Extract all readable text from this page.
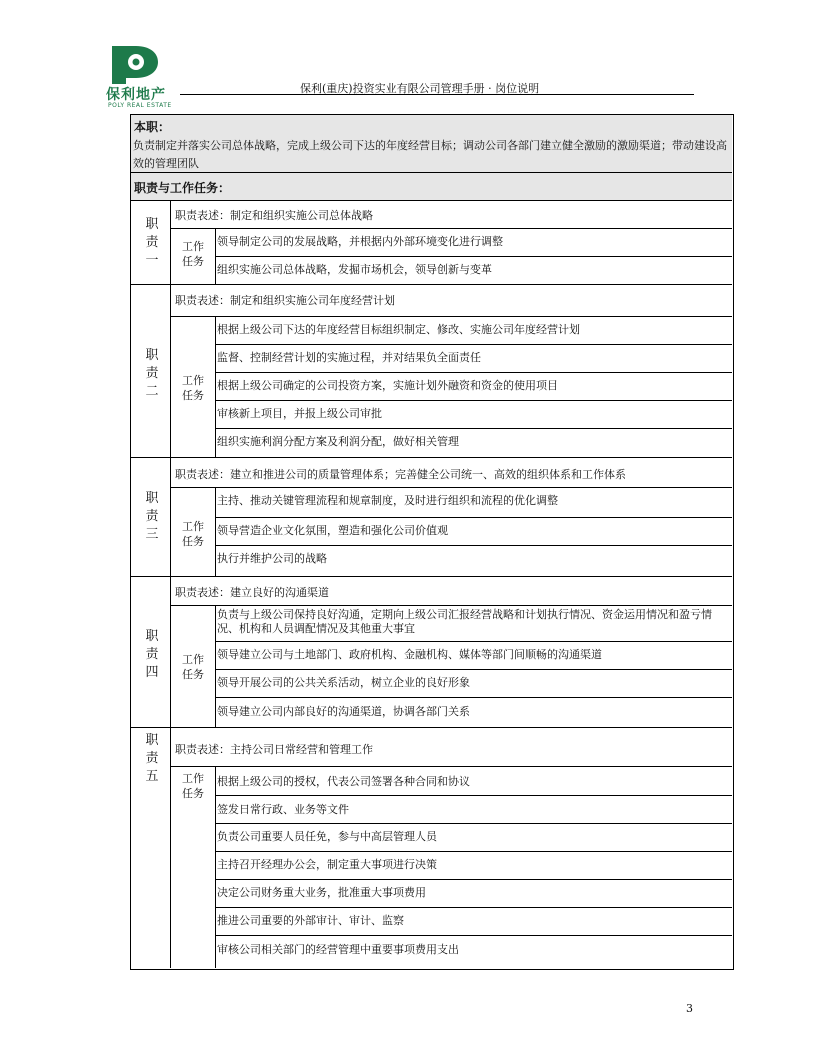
保利地产
POLY REAL ESTATE
保利(重庆)投资实业有限公司管理手册 · 岗位说明
本职：
负责制定并落实公司总体战略，完成上级公司下达的年度经营目标；调动公司各部门建立健全激励的激励渠道；带动建设高效的管理团队
职责与工作任务：
职
责
一
职责表述：制定和组织实施公司总体战略
工作
任务
领导制定公司的发展战略，并根据内外部环境变化进行调整
组织实施公司总体战略，发掘市场机会，领导创新与变革
职
责
二
职责表述：制定和组织实施公司年度经营计划
工作
任务
根据上级公司下达的年度经营目标组织制定、修改、实施公司年度经营计划
监督、控制经营计划的实施过程，并对结果负全面责任
根据上级公司确定的公司投资方案，实施计划外融资和资金的使用项目
审核新上项目，并报上级公司审批
组织实施利润分配方案及利润分配，做好相关管理
职
责
三
职责表述：建立和推进公司的质量管理体系；完善健全公司统一、高效的组织体系和工作体系
工作
任务
主持、推动关键管理流程和规章制度，及时进行组织和流程的优化调整
领导营造企业文化氛围，塑造和强化公司价值观
执行并维护公司的战略
职
责
四
职责表述：建立良好的沟通渠道
工作
任务
负责与上级公司保持良好沟通，定期向上级公司汇报经营战略和计划执行情况、资金运用情况和盈亏情况、机构和人员调配情况及其他重大事宜
领导建立公司与土地部门、政府机构、金融机构、媒体等部门间顺畅的沟通渠道
领导开展公司的公共关系活动，树立企业的良好形象
领导建立公司内部良好的沟通渠道，协调各部门关系
职
责
五
职责表述：主持公司日常经营和管理工作
工作
任务
根据上级公司的授权，代表公司签署各种合同和协议
签发日常行政、业务等文件
负责公司重要人员任免，参与中高层管理人员
主持召开经理办公会，制定重大事项进行决策
决定公司财务重大业务，批准重大事项费用
推进公司重要的外部审计、审计、监察
审核公司相关部门的经营管理中重要事项费用支出
3
